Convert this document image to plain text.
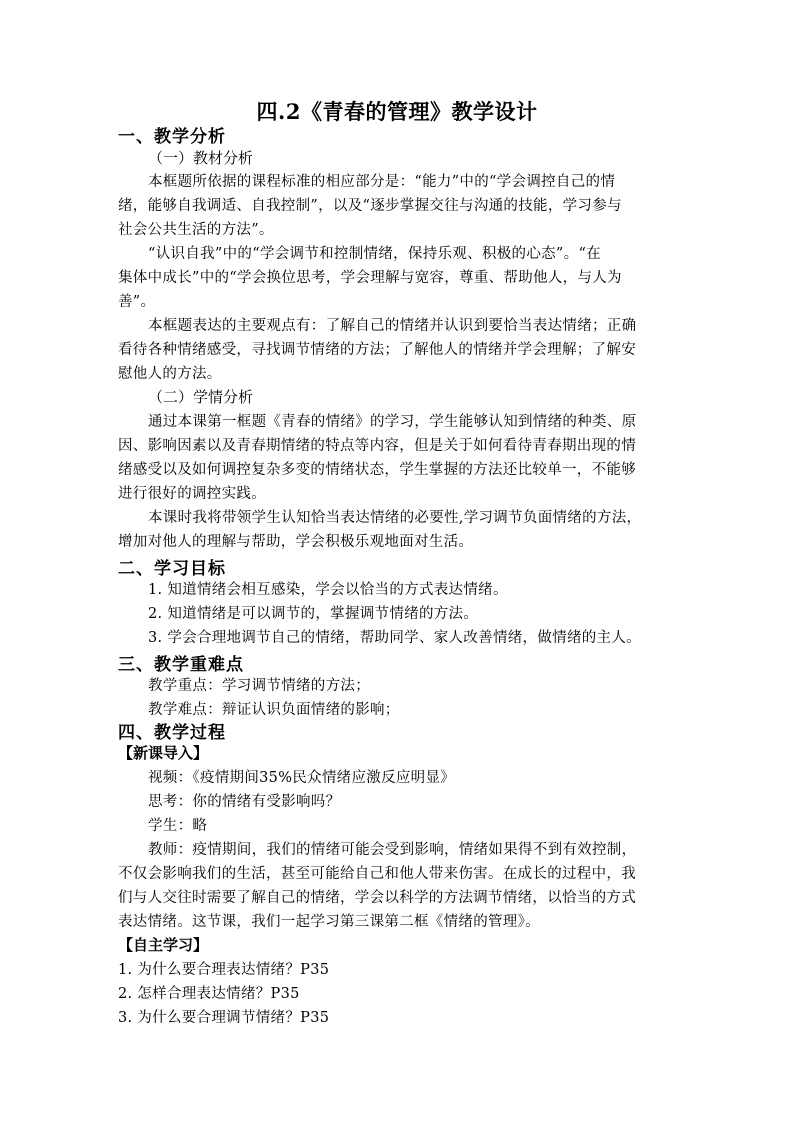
四.2《青春的管理》教学设计
一、教学分析
（一）教材分析
本框题所依据的课程标准的相应部分是：“能力”中的“学会调控自己的情
绪，能够自我调适、自我控制”，以及“逐步掌握交往与沟通的技能，学习参与
社会公共生活的方法”。
“认识自我”中的“学会调节和控制情绪，保持乐观、积极的心态”。“在
集体中成长”中的“学会换位思考，学会理解与宽容，尊重、帮助他人，与人为
善”。
本框题表达的主要观点有：了解自己的情绪并认识到要恰当表达情绪；正确
看待各种情绪感受，寻找调节情绪的方法；了解他人的情绪并学会理解；了解安
慰他人的方法。
（二）学情分析
通过本课第一框题《青春的情绪》的学习，学生能够认知到情绪的种类、原
因、影响因素以及青春期情绪的特点等内容，但是关于如何看待青春期出现的情
绪感受以及如何调控复杂多变的情绪状态，学生掌握的方法还比较单一，不能够
进行很好的调控实践。
本课时我将带领学生认知恰当表达情绪的必要性,学习调节负面情绪的方法，
增加对他人的理解与帮助，学会积极乐观地面对生活。
二、学习目标
1. 知道情绪会相互感染，学会以恰当的方式表达情绪。
2. 知道情绪是可以调节的，掌握调节情绪的方法。
3. 学会合理地调节自己的情绪，帮助同学、家人改善情绪，做情绪的主人。
三、教学重难点
教学重点：学习调节情绪的方法；
教学难点：辩证认识负面情绪的影响；
四、教学过程
【新课导入】
视频：《疫情期间35%民众情绪应激反应明显》
思考：你的情绪有受影响吗？
学生：略
教师：疫情期间，我们的情绪可能会受到影响，情绪如果得不到有效控制，
不仅会影响我们的生活，甚至可能给自己和他人带来伤害。在成长的过程中，我
们与人交往时需要了解自己的情绪，学会以科学的方法调节情绪，以恰当的方式
表达情绪。这节课，我们一起学习第三课第二框《情绪的管理》。
【自主学习】
1. 为什么要合理表达情绪？P35
2. 怎样合理表达情绪？P35
3. 为什么要合理调节情绪？P35
